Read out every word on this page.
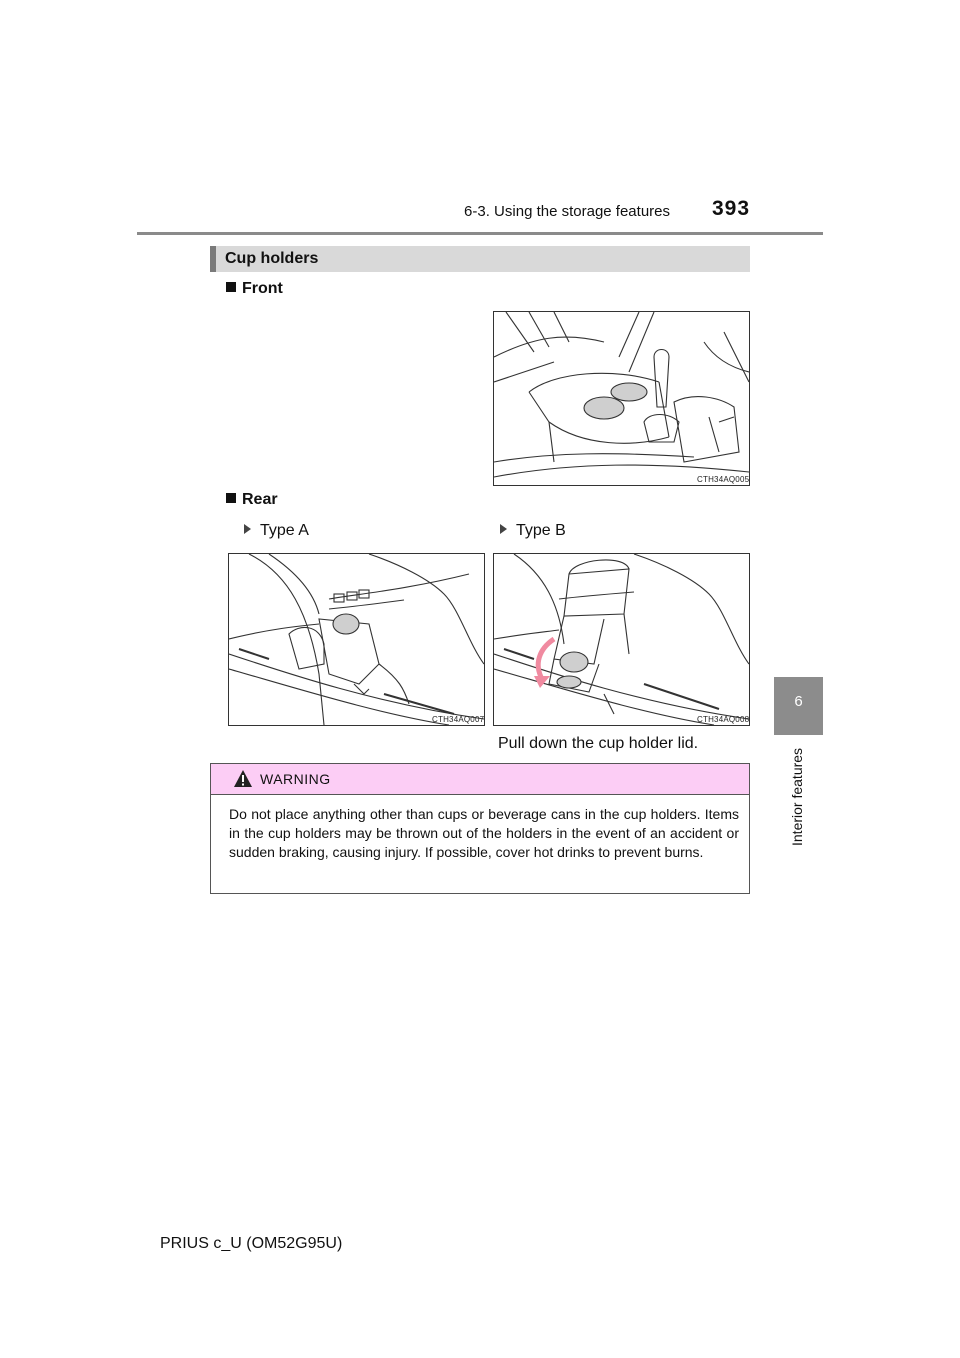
6-3. Using the storage features 393
6
Interior features
Cup holders
Front
CTH34AQ005
Rear
Type A	Type B
CTH34AQ007	CTH34AQ008
Pull down the cup holder lid.
WARNING
Do not place anything other than cups or beverage cans in the cup holders. Items in the cup holders may be thrown out of the holders in the event of an accident or sudden braking, causing injury. If possible, cover hot drinks to prevent burns.
PRIUS c_U (OM52G95U)
